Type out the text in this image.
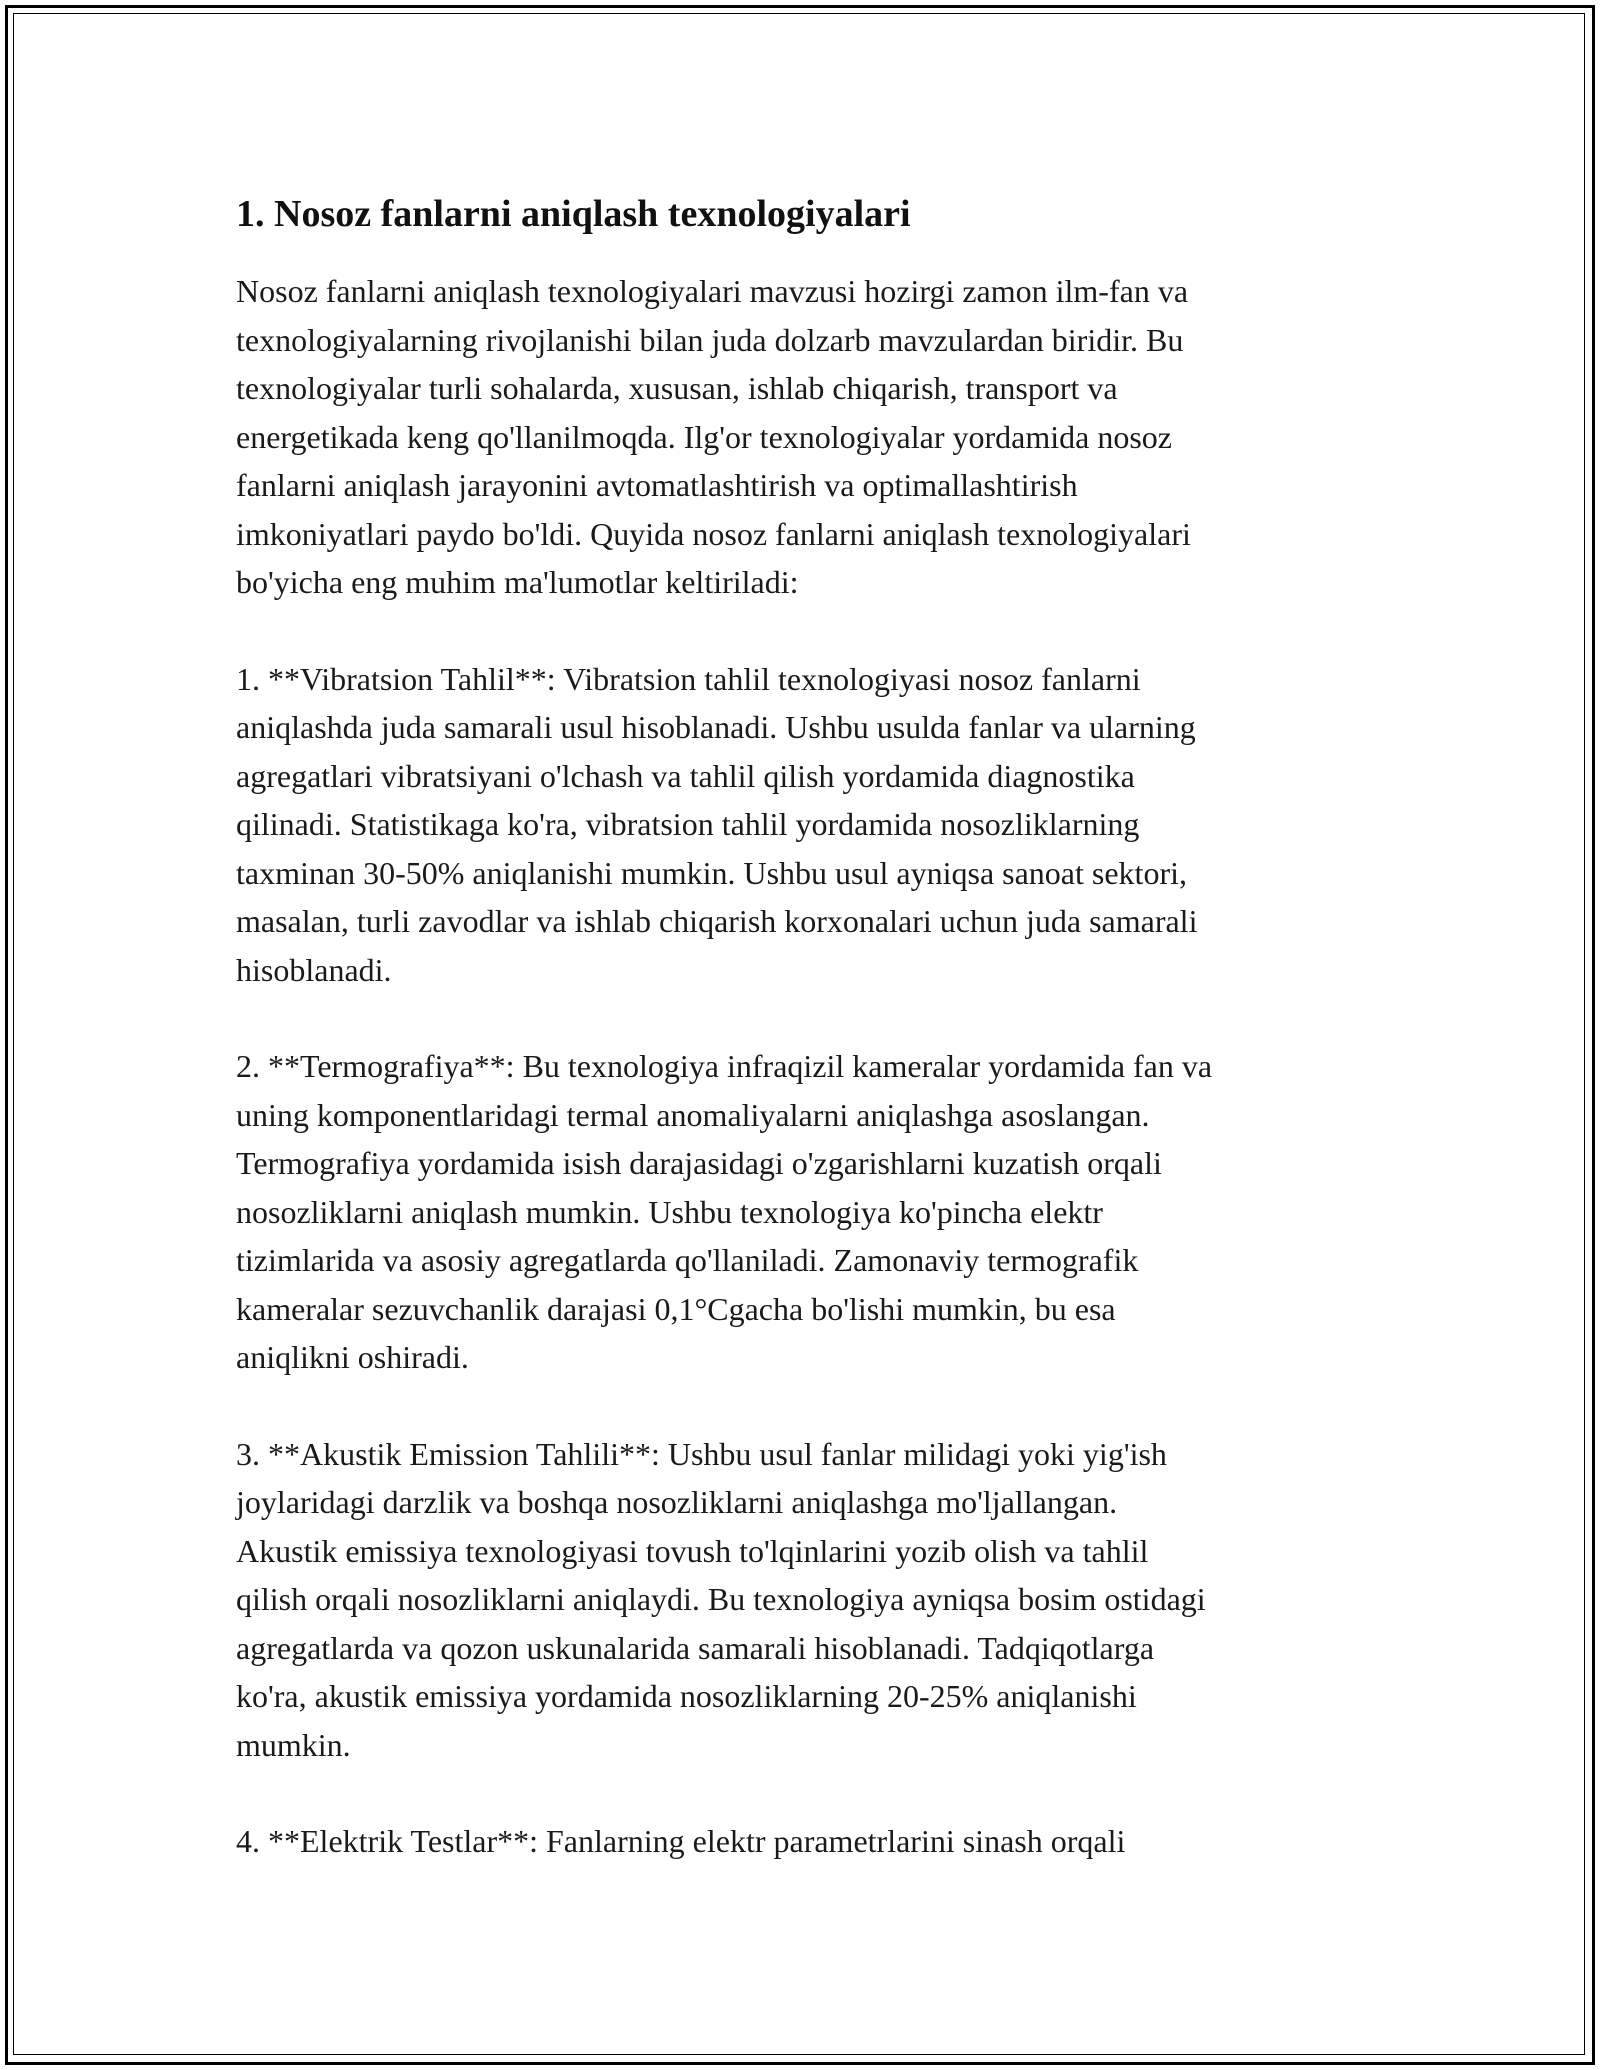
1. Nosoz fanlarni aniqlash texnologiyalari

Nosoz fanlarni aniqlash texnologiyalari mavzusi hozirgi zamon ilm-fan va
texnologiyalarning rivojlanishi bilan juda dolzarb mavzulardan biridir. Bu
texnologiyalar turli sohalarda, xususan, ishlab chiqarish, transport va
energetikada keng qo'llanilmoqda. Ilg'or texnologiyalar yordamida nosoz
fanlarni aniqlash jarayonini avtomatlashtirish va optimallashtirish
imkoniyatlari paydo bo'ldi. Quyida nosoz fanlarni aniqlash texnologiyalari
bo'yicha eng muhim ma'lumotlar keltiriladi:

1. **Vibratsion Tahlil**: Vibratsion tahlil texnologiyasi nosoz fanlarni
aniqlashda juda samarali usul hisoblanadi. Ushbu usulda fanlar va ularning
agregatlari vibratsiyani o'lchash va tahlil qilish yordamida diagnostika
qilinadi. Statistikaga ko'ra, vibratsion tahlil yordamida nosozliklarning
taxminan 30-50% aniqlanishi mumkin. Ushbu usul ayniqsa sanoat sektori,
masalan, turli zavodlar va ishlab chiqarish korxonalari uchun juda samarali
hisoblanadi.

2. **Termografiya**: Bu texnologiya infraqizil kameralar yordamida fan va
uning komponentlaridagi termal anomaliyalarni aniqlashga asoslangan.
Termografiya yordamida isish darajasidagi o'zgarishlarni kuzatish orqali
nosozliklarni aniqlash mumkin. Ushbu texnologiya ko'pincha elektr
tizimlarida va asosiy agregatlarda qo'llaniladi. Zamonaviy termografik
kameralar sezuvchanlik darajasi 0,1°Cgacha bo'lishi mumkin, bu esa
aniqlikni oshiradi.

3. **Akustik Emission Tahlili**: Ushbu usul fanlar milidagi yoki yig'ish
joylaridagi darzlik va boshqa nosozliklarni aniqlashga mo'ljallangan.
Akustik emissiya texnologiyasi tovush to'lqinlarini yozib olish va tahlil
qilish orqali nosozliklarni aniqlaydi. Bu texnologiya ayniqsa bosim ostidagi
agregatlarda va qozon uskunalarida samarali hisoblanadi. Tadqiqotlarga
ko'ra, akustik emissiya yordamida nosozliklarning 20-25% aniqlanishi
mumkin.

4. **Elektrik Testlar**: Fanlarning elektr parametrlarini sinash orqali
